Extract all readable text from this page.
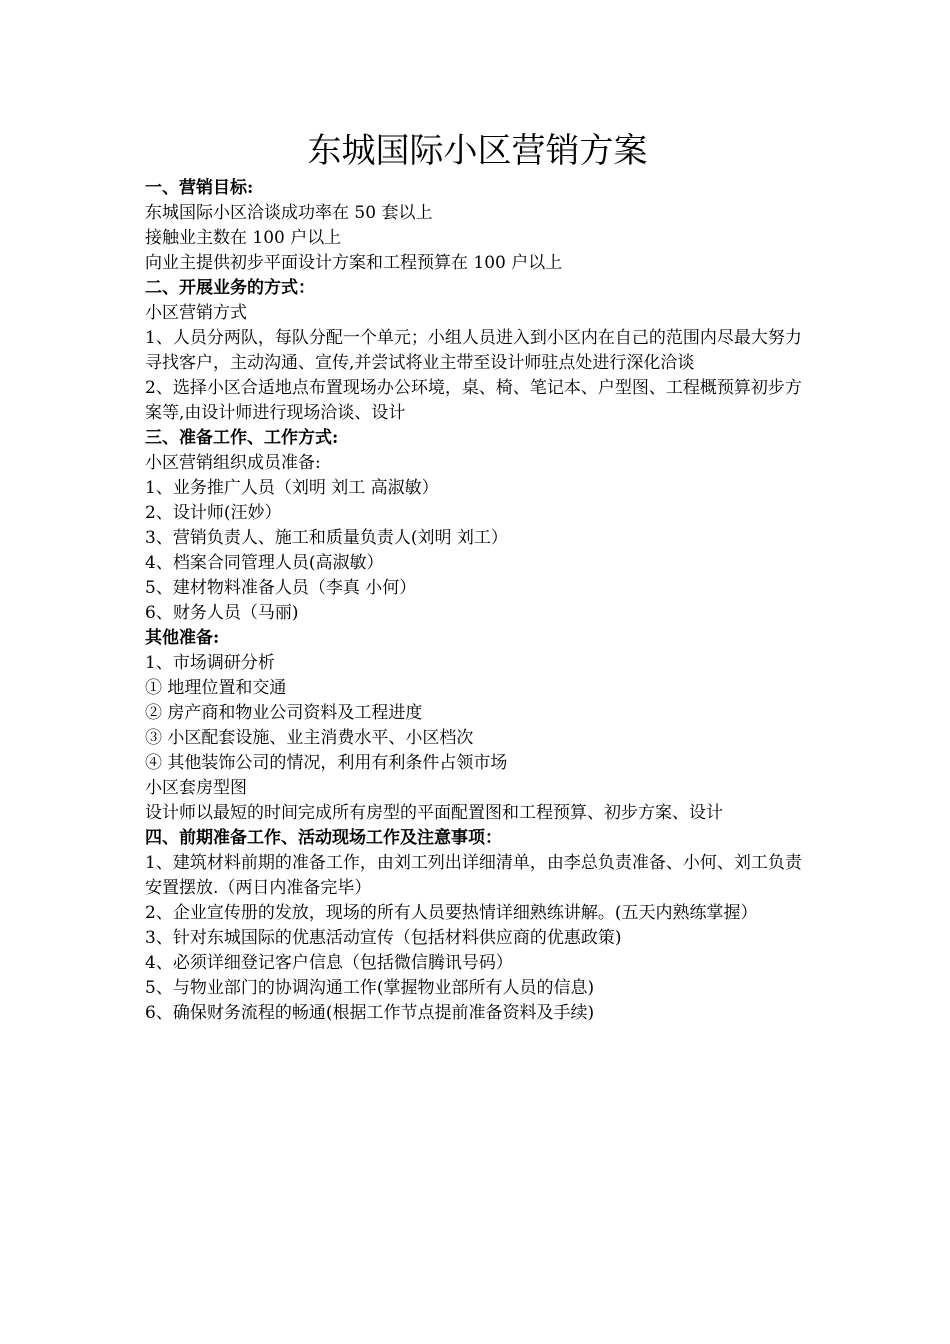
东城国际小区营销方案

一、营销目标:

东城国际小区洽谈成功率在 50 套以上

接触业主数在 100 户以上

向业主提供初步平面设计方案和工程预算在 100 户以上

二、开展业务的方式：

小区营销方式

1、人员分两队，每队分配一个单元；小组人员进入到小区内在自己的范围内尽最大努力寻找客户，主动沟通、宣传,并尝试将业主带至设计师驻点处进行深化洽谈

2、选择小区合适地点布置现场办公环境，桌、椅、笔记本、户型图、工程概预算初步方案等,由设计师进行现场洽谈、设计

三、准备工作、工作方式:

小区营销组织成员准备:

1、业务推广人员（刘明 刘工 高淑敏）

2、设计师(汪妙）

3、营销负责人、施工和质量负责人(刘明 刘工）

4、档案合同管理人员(高淑敏）

5、建材物料准备人员（李真 小何）

6、财务人员（马丽)

其他准备:

1、市场调研分析

① 地理位置和交通

② 房产商和物业公司资料及工程进度

③ 小区配套设施、业主消费水平、小区档次

④ 其他装饰公司的情况，利用有利条件占领市场

小区套房型图

设计师以最短的时间完成所有房型的平面配置图和工程预算、初步方案、设计

四、前期准备工作、活动现场工作及注意事项：

1、建筑材料前期的准备工作，由刘工列出详细清单，由李总负责准备、小何、刘工负责安置摆放.（两日内准备完毕）

2、企业宣传册的发放，现场的所有人员要热情详细熟练讲解。(五天内熟练掌握）

3、针对东城国际的优惠活动宣传（包括材料供应商的优惠政策)

4、必须详细登记客户信息（包括微信腾讯号码）

5、与物业部门的协调沟通工作(掌握物业部所有人员的信息)

6、确保财务流程的畅通(根据工作节点提前准备资料及手续)
